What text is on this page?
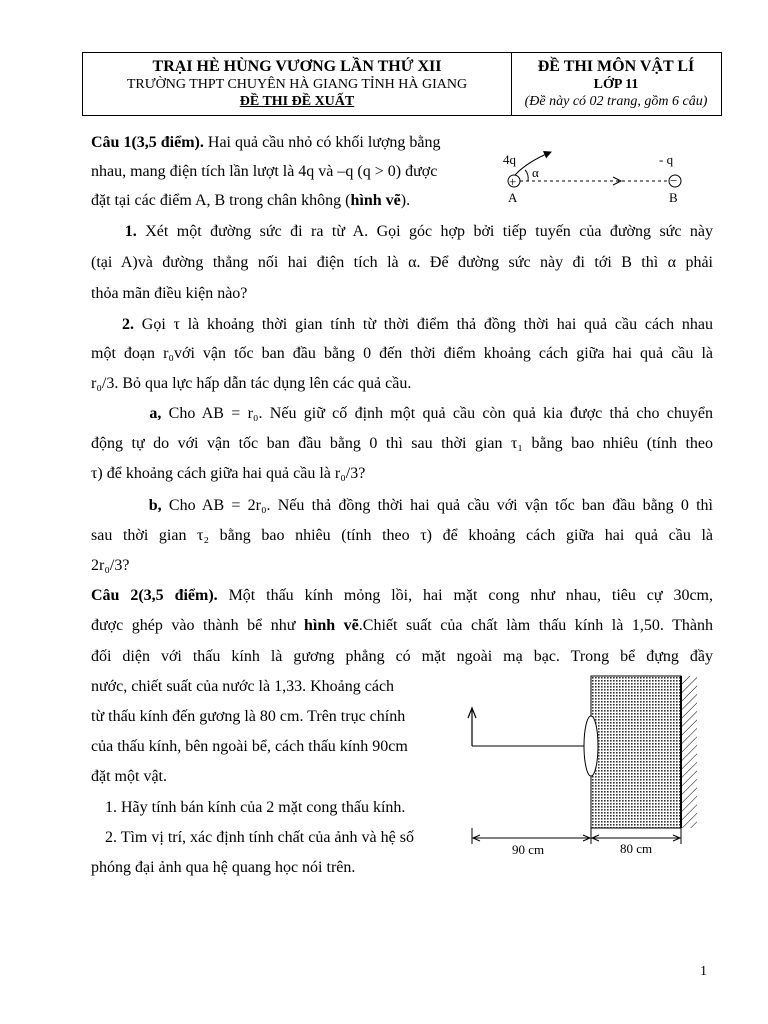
TRẠI HÈ HÙNG VƯƠNG LẦN THỨ XII
TRƯỜNG THPT CHUYÊN HÀ GIANG TỈNH HÀ GIANG
ĐỀ THI ĐỀ XUẤT
ĐỀ THI MÔN VẬT LÍ
LỚP 11
(Đề này có 02 trang, gồm 6 câu)
Câu 1(3,5 điểm). Hai quả cầu nhỏ có khối lượng bằng
nhau, mang điện tích lần lượt là 4q và –q (q > 0) được
đặt tại các điểm A, B trong chân không (hình vẽ).
4q	- q
+	−
α
A	B
1. Xét một đường sức đi ra từ A. Gọi góc hợp bởi tiếp tuyến của đường sức này
(tại A)và đường thẳng nối hai điện tích là α. Để đường sức này đi tới B thì α phải
thỏa mãn điều kiện nào?
2. Gọi τ là khoảng thời gian tính từ thời điểm thả đồng thời hai quả cầu cách nhau
một đoạn r₀với vận tốc ban đầu bằng 0 đến thời điểm khoảng cách giữa hai quả cầu là
r₀/3. Bỏ qua lực hấp dẫn tác dụng lên các quả cầu.
a, Cho AB = r₀. Nếu giữ cố định một quả cầu còn quả kia được thả cho chuyển
động tự do với vận tốc ban đầu bằng 0 thì sau thời gian τ₁ bằng bao nhiêu (tính theo
τ) để khoảng cách giữa hai quả cầu là r₀/3?
b, Cho AB = 2r₀. Nếu thả đồng thời hai quả cầu với vận tốc ban đầu bằng 0 thì
sau thời gian τ₂ bằng bao nhiêu (tính theo τ) để khoảng cách giữa hai quả cầu là
2r₀/3?
Câu 2(3,5 điểm). Một thấu kính mỏng lồi, hai mặt cong như nhau, tiêu cự 30cm,
được ghép vào thành bể như hình vẽ.Chiết suất của chất làm thấu kính là 1,50. Thành
đối diện với thấu kính là gương phẳng có mặt ngoài mạ bạc. Trong bể đựng đầy
nước, chiết suất của nước là 1,33. Khoảng cách
từ thấu kính đến gương là 80 cm. Trên trục chính
của thấu kính, bên ngoài bể, cách thấu kính 90cm
đặt một vật.
1. Hãy tính bán kính của 2 mặt cong thấu kính.
2. Tìm vị trí, xác định tính chất của ảnh và hệ số
phóng đại ảnh qua hệ quang học nói trên.
90 cm	80 cm
1
